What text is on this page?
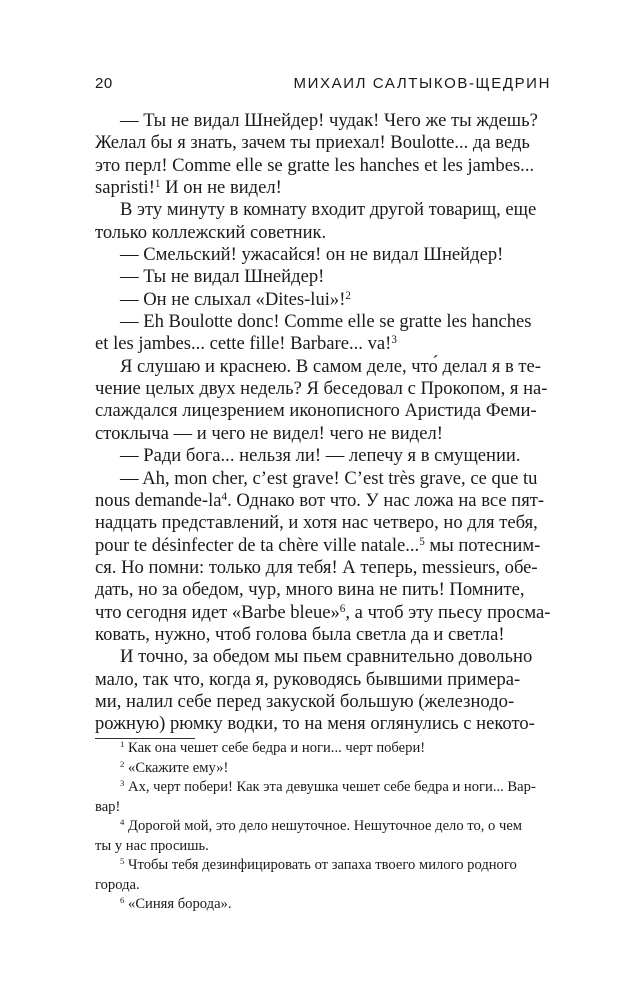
20	МИХАИЛ САЛТЫКОВ-ЩЕДРИН
— Ты не видал Шнейдер! чудак! Чего же ты ждешь?
Желал бы я знать, зачем ты приехал! Boulotte... да ведь
это перл! Comme elle se gratte les hanches et les jambes...
sapristi!$^1$ И он не видел!
В эту минуту в комнату входит другой товарищ, еще
только коллежский советник.
— Смельский! ужасайся! он не видал Шнейдер!
— Ты не видал Шнейдер!
— Он не слыхал «Dites-lui»!$^2$
— Eh Boulotte donc! Comme elle se gratte les hanches
et les jambes... cette fille! Barbare... va!$^3$
Я слушаю и краснею. В самом деле, что́ делал я в те-
чение целых двух недель? Я беседовал с Прокопом, я на-
слаждался лицезрением иконописного Аристида Феми-
стоклыча — и чего не видел! чего не видел!
— Ради бога... нельзя ли! — лепечу я в смущении.
— Ah, mon cher, c’est grave! C’est très grave, ce que tu
nous demande-$la^4$. Однако вот что. У нас ложа на все пят-
надцать представлений, и хотя нас четверо, но для тебя,
pour te désinfecter de ta chère ville natale...$^5$ мы потесним-
ся. Но помни: только для тебя! А теперь, messieurs, обе-
дать, но за обедом, чур, много вина не пить! Помните,
что сегодня идет «Barbe bleue»$^6$, а чтоб эту пьесу просма-
ковать, нужно, чтоб голова была светла да и светла!
И точно, за обедом мы пьем сравнительно довольно
мало, так что, когда я, руководясь бывшими примера-
ми, налил себе перед закуской большую (железнодо-
рожную) рюмку водки, то на меня оглянулись с некото-
$^1$ Как она чешет себе бедра и ноги... черт побери!
$^2$ «Скажите ему»!
$^3$ Ах, черт побери! Как эта девушка чешет себе бедра и ноги... Вар-
вар!
$^4$ Дорогой мой, это дело нешуточное. Нешуточное дело то, о чем
ты у нас просишь.
$^5$ Чтобы тебя дезинфицировать от запаха твоего милого родного
города.
$^6$ «Синяя борода».
